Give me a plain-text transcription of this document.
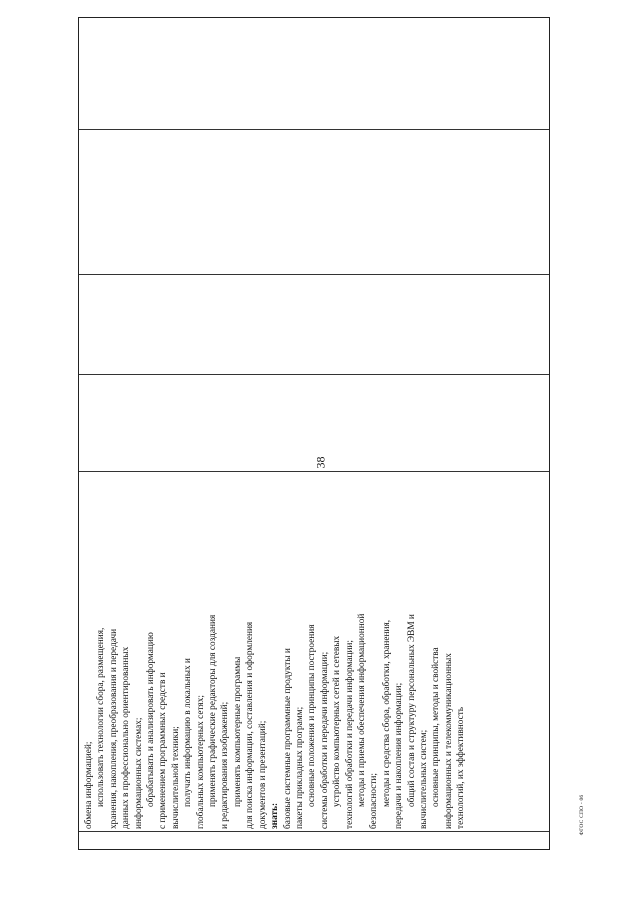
38
обмена информацией; использовать технологии сбора, размещения, хранения, накопления, преобразования и передачи данных в профессионально ориентированных информационных системах; обрабатывать и анализировать информацию с применением программных средств и вычислительной техники; получать информацию в локальных и глобальных компьютерных сетях; применять графические редакторы для создания и редактирования изображений; применять компьютерные программы для поиска информации, составления и оформления документов и презентаций; знать: базовые системные программные продукты и пакеты прикладных программ; основные положения и принципы построения системы обработки и передачи информации; устройство компьютерных сетей и сетевых технологий обработки и передачи информации; методы и приемы обеспечения информационной безопасности; методы и средства сбора, обработки, хранения, передачи и накопления информации; общий состав и структуру персональных ЭВМ и вычислительных систем; основные принципы, методы и свойства информационных и телекоммуникационных технологий, их эффективность	ФГОС СПО - 06
